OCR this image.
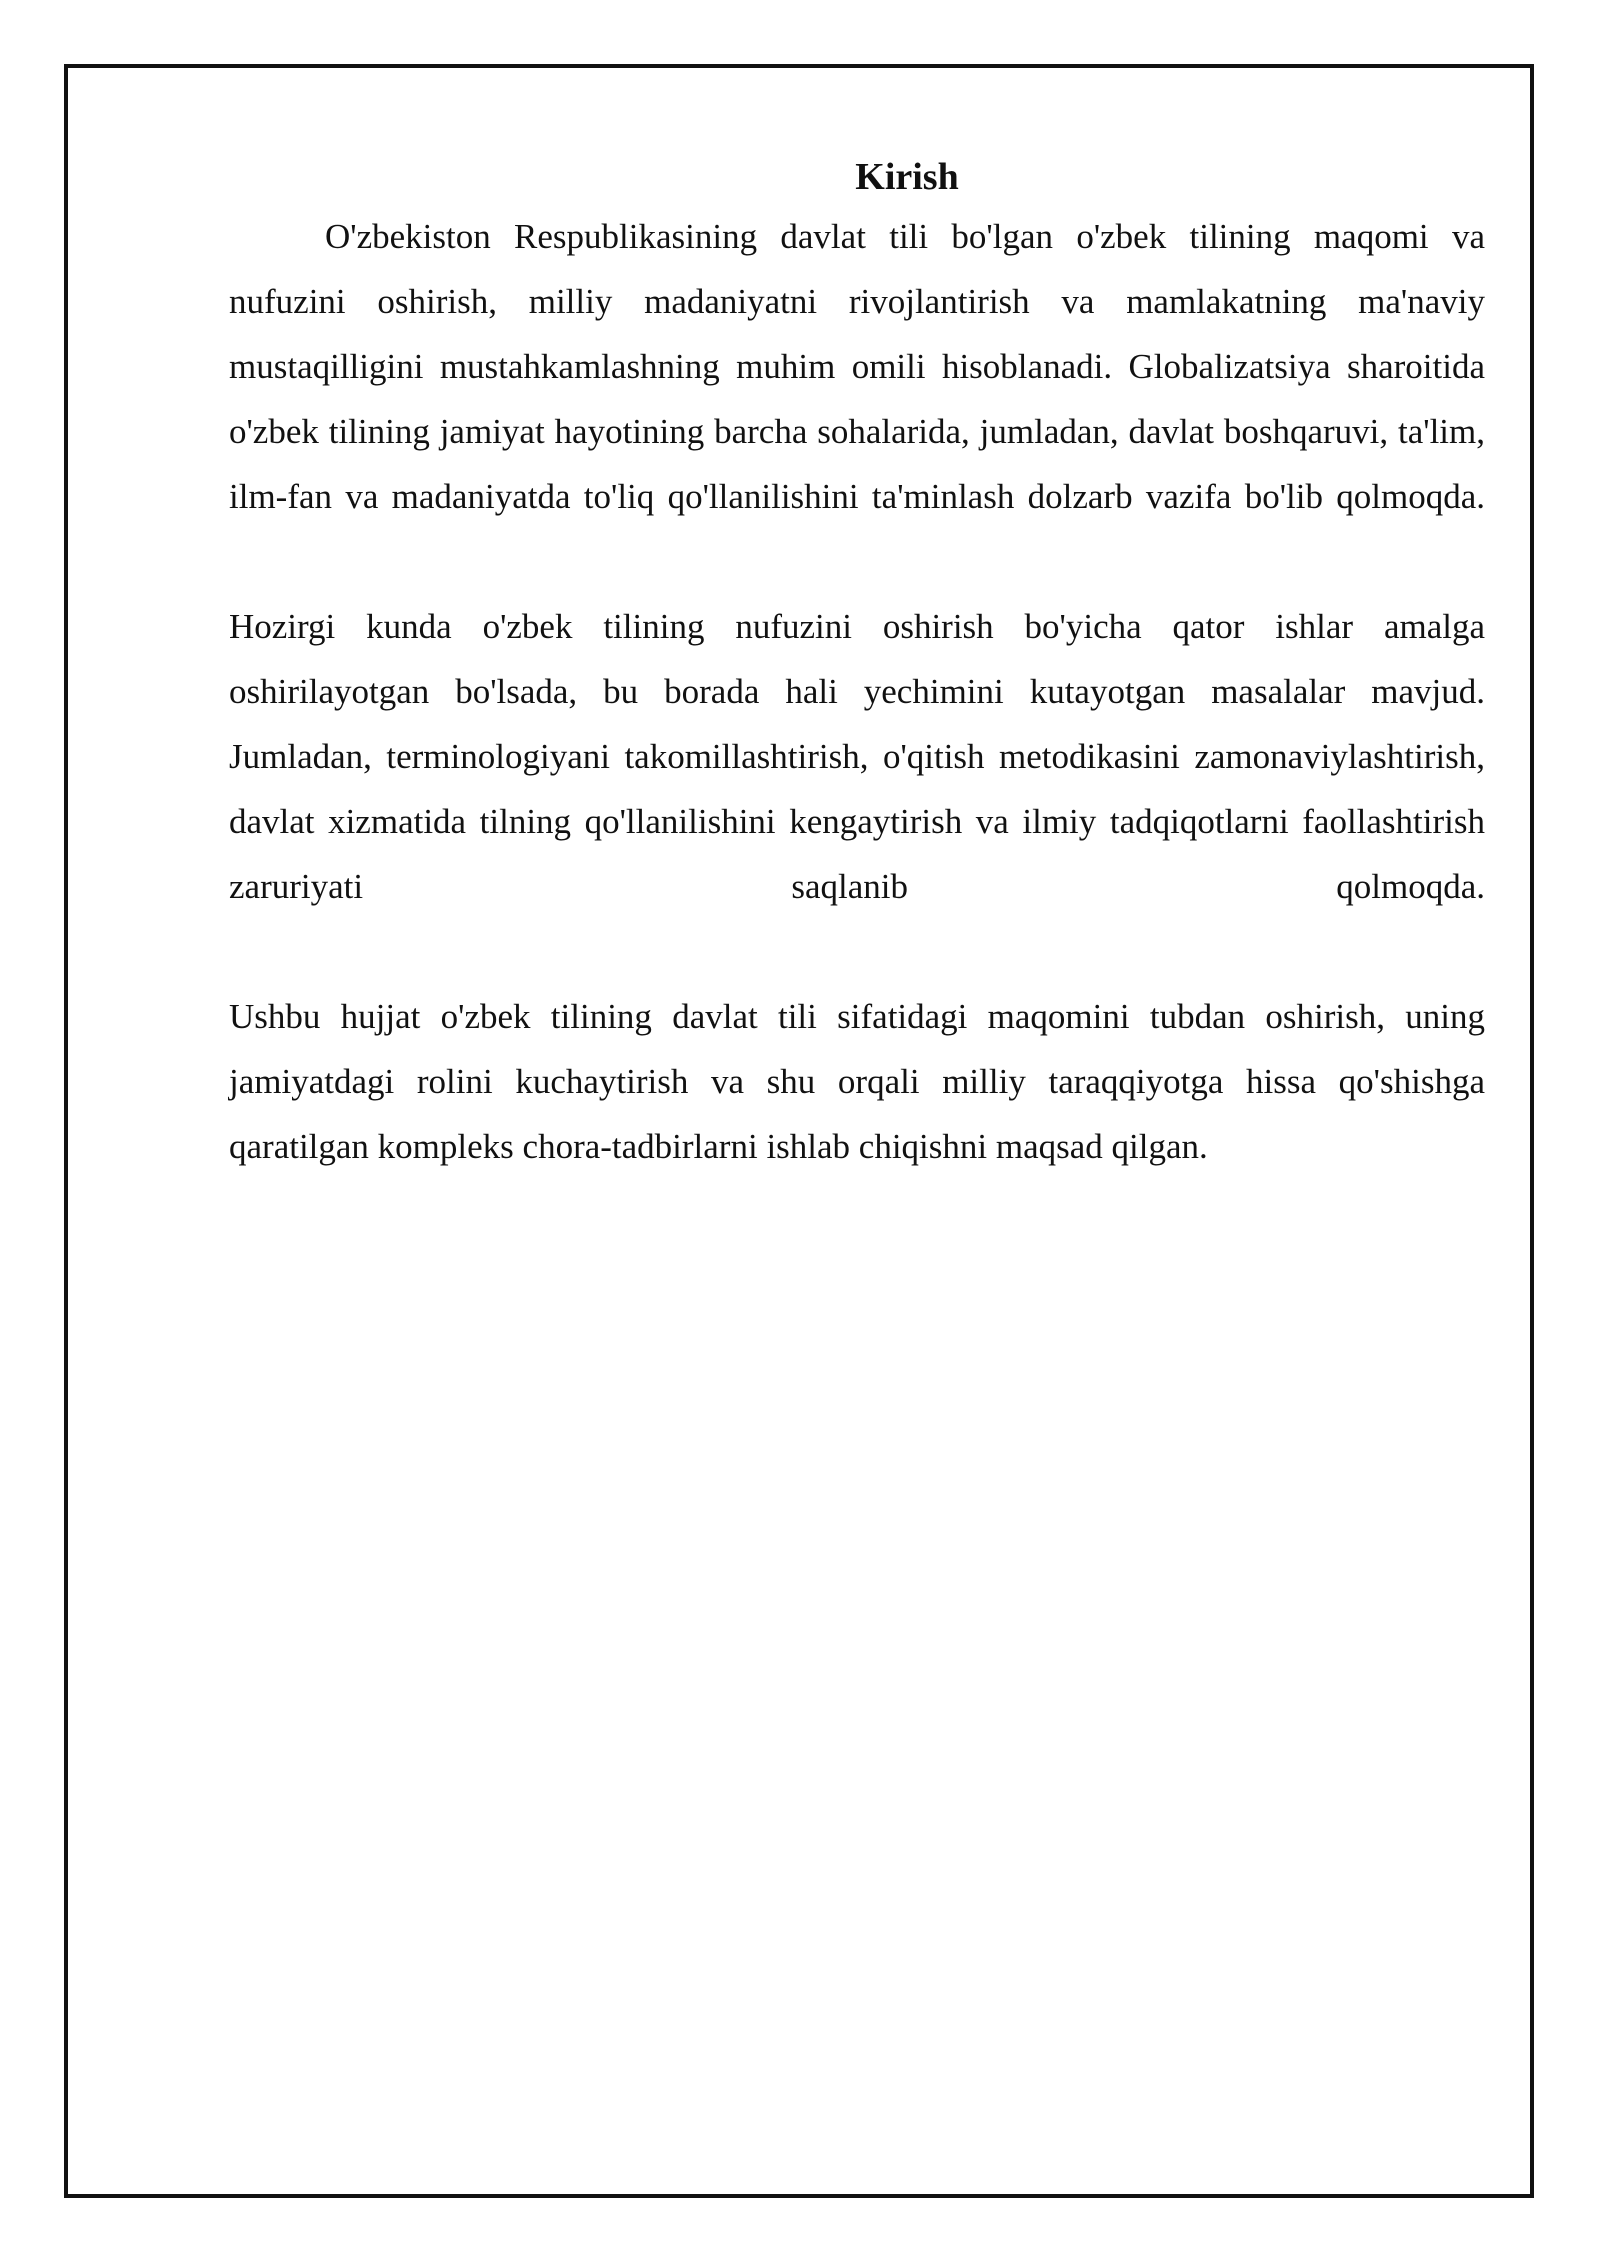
Kirish

O'zbekiston Respublikasining davlat tili bo'lgan o'zbek tilining maqomi va nufuzini oshirish, milliy madaniyatni rivojlantirish va mamlakatning ma'naviy mustaqilligini mustahkamlashning muhim omili hisoblanadi. Globalizatsiya sharoitida o'zbek tilining jamiyat hayotining barcha sohalarida, jumladan, davlat boshqaruvi, ta'lim, ilm-fan va madaniyatda to'liq qo'llanilishini ta'minlash dolzarb vazifa bo'lib qolmoqda.

Hozirgi kunda o'zbek tilining nufuzini oshirish bo'yicha qator ishlar amalga oshirilayotgan bo'lsada, bu borada hali yechimini kutayotgan masalalar mavjud. Jumladan, terminologiyani takomillashtirish, o'qitish metodikasini zamonaviylashtirish, davlat xizmatida tilning qo'llanilishini kengaytirish va ilmiy tadqiqotlarni faollashtirish zaruriyati saqlanib qolmoqda.

Ushbu hujjat o'zbek tilining davlat tili sifatidagi maqomini tubdan oshirish, uning jamiyatdagi rolini kuchaytirish va shu orqali milliy taraqqiyotga hissa qo'shishga qaratilgan kompleks chora-tadbirlarni ishlab chiqishni maqsad qilgan.
